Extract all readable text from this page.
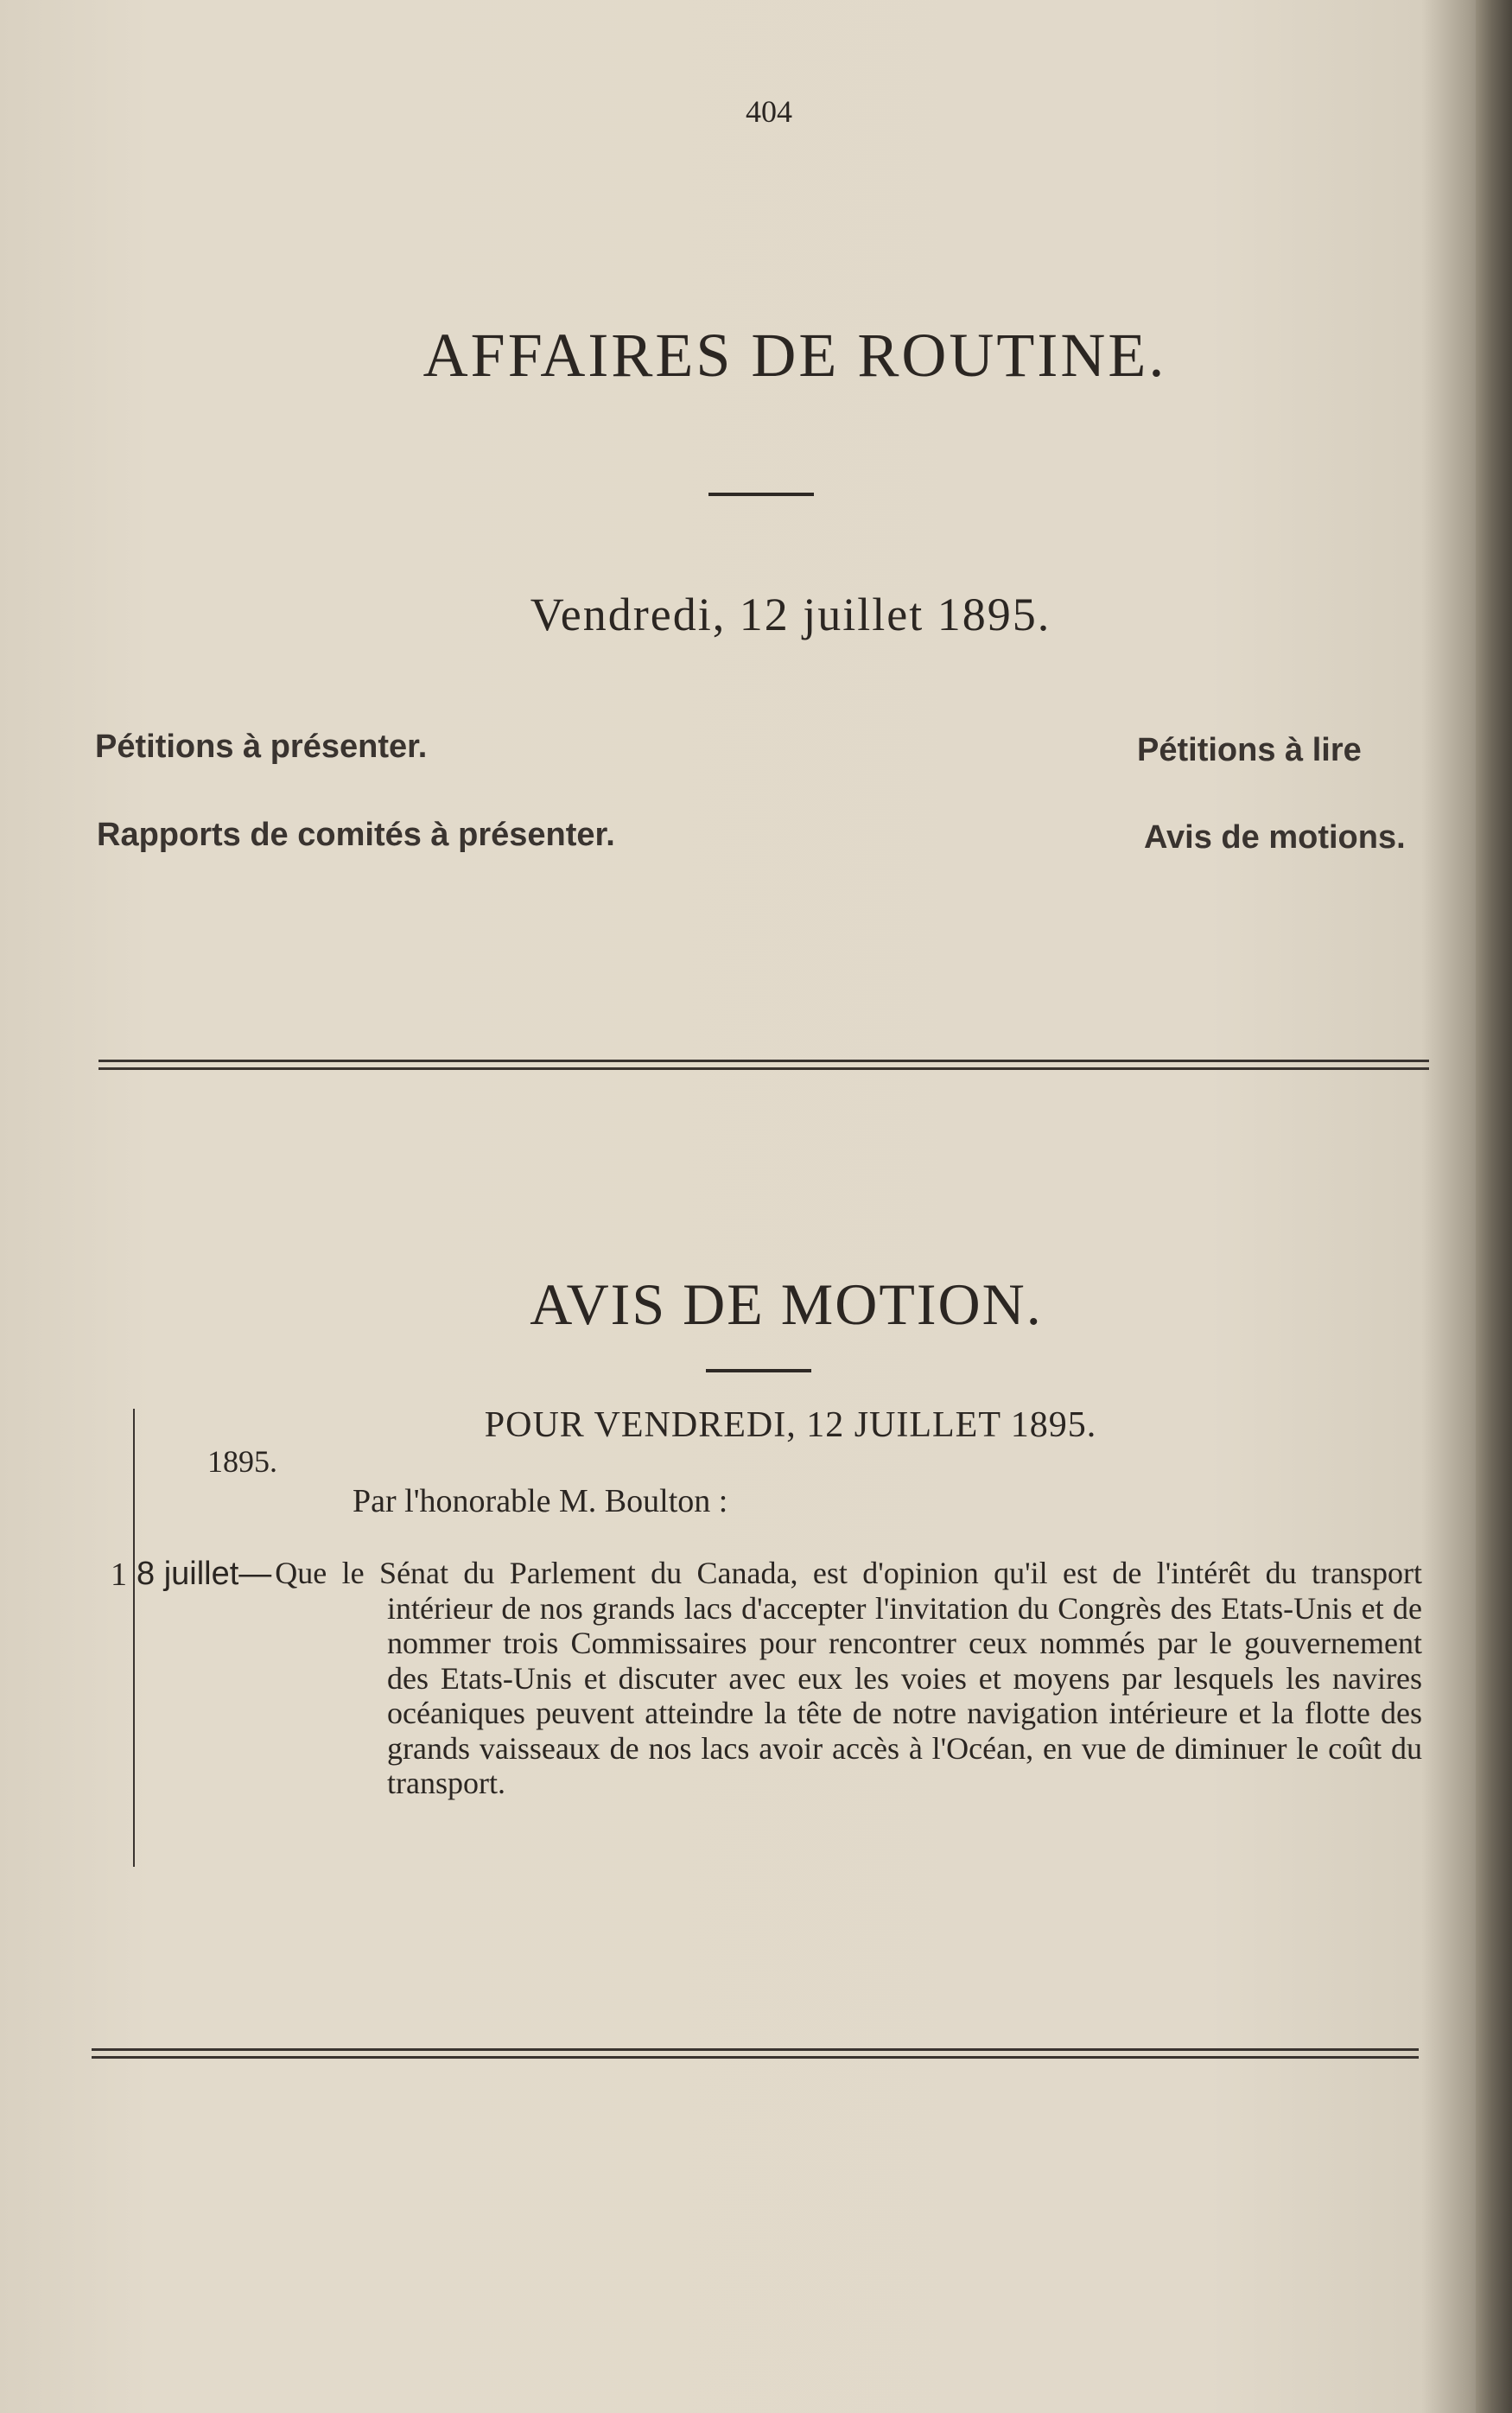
404
AFFAIRES DE ROUTINE.
Vendredi, 12 juillet 1895.
Pétitions à présenter.
Rapports de comités à présenter.
Pétitions à lire
Avis de motions.
AVIS DE MOTION.
POUR VENDREDI, 12 JUILLET 1895.
1895.
Par l'honorable M. Boulton :
1 8 juillet— Que le Sénat du Parlement du Canada, est d'opinion qu'il est de l'intérêt du transport intérieur de nos grands lacs d'accepter l'invitation du Congrès des Etats-Unis et de nommer trois Commissaires pour rencontrer ceux nommés par le gouvernement des Etats-Unis et discuter avec eux les voies et moyens par lesquels les navires océaniques peuvent atteindre la tête de notre navigation intérieure et la flotte des grands vaisseaux de nos lacs avoir accès à l'Océan, en vue de diminuer le coût du transport.
